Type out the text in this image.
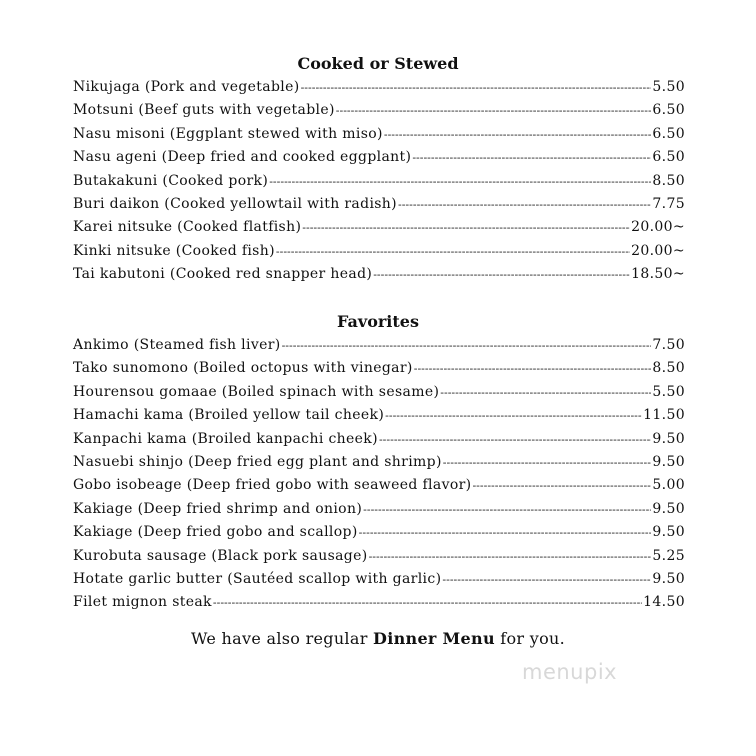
Cooked or Stewed
Nikujaga (Pork and vegetable) -----	5.50
Motsuni (Beef guts with vegetable) -----	6.50
Nasu misoni (Eggplant stewed with miso) -----	6.50
Nasu ageni (Deep fried and cooked eggplant) -----	6.50
Butakakuni (Cooked pork) -----	8.50
Buri daikon (Cooked yellowtail with radish) -----	7.75
Karei nitsuke (Cooked flatfish) -----	20.00~
Kinki nitsuke (Cooked fish) -----	20.00~
Tai kabutoni (Cooked red snapper head) -----	18.50~
Favorites
Ankimo (Steamed fish liver) -----	7.50
Tako sunomono (Boiled octopus with vinegar) -----	8.50
Hourensou gomaae (Boiled spinach with sesame) -----	5.50
Hamachi kama (Broiled yellow tail cheek) -----	11.50
Kanpachi kama (Broiled kanpachi cheek) -----	9.50
Nasuebi shinjo (Deep fried egg plant and shrimp) -----	9.50
Gobo isobeage (Deep fried gobo with seaweed flavor) -----	5.00
Kakiage (Deep fried shrimp and onion) -----	9.50
Kakiage (Deep fried gobo and scallop) -----	9.50
Kurobuta sausage (Black pork sausage) -----	5.25
Hotate garlic butter (Sautéed scallop with garlic) -----	9.50
Filet mignon steak -----	14.50
We have also regular Dinner Menu for you.
menupix
